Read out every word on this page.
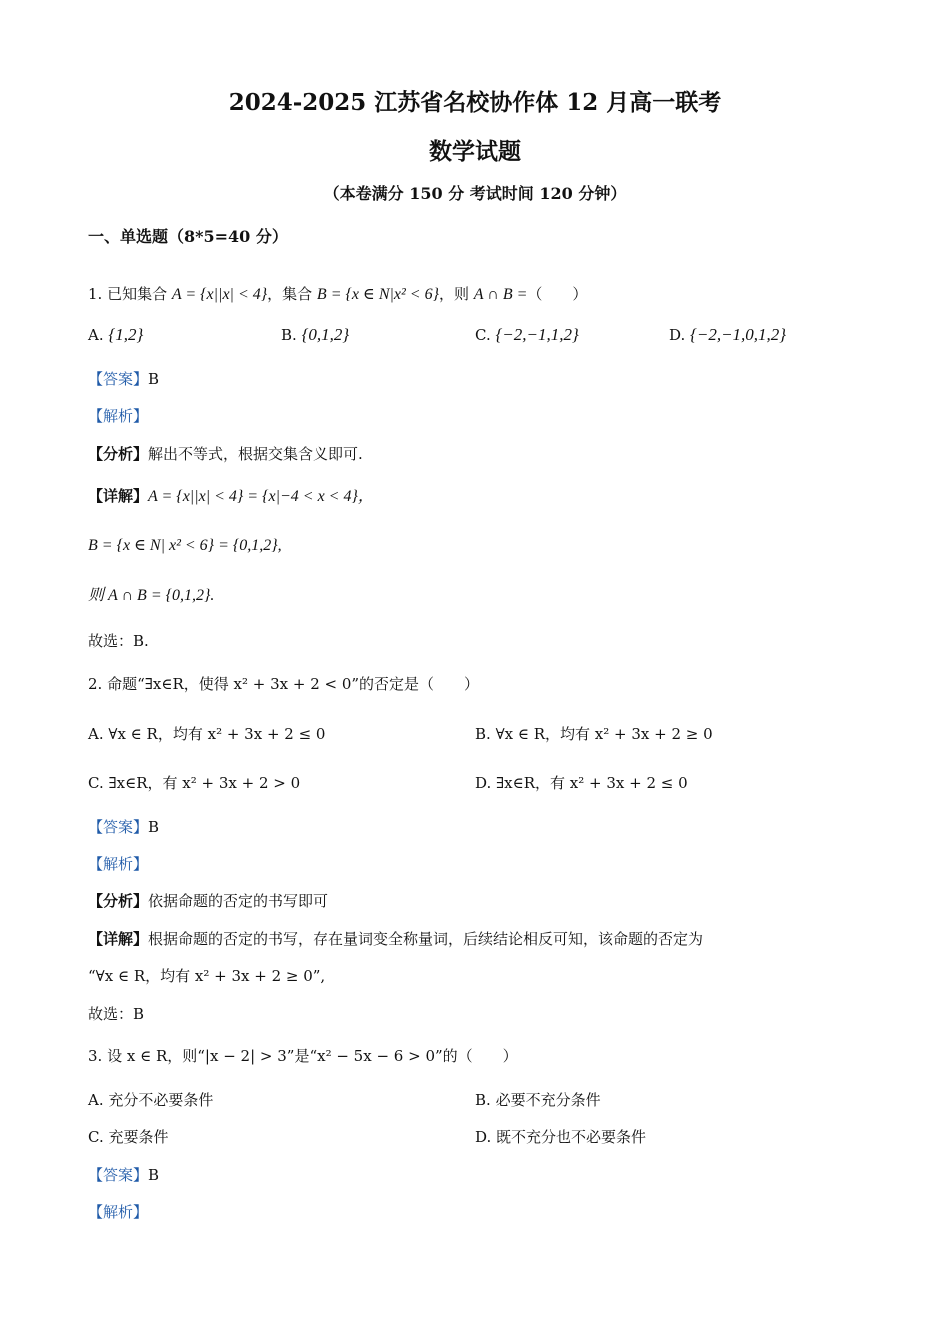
2024-2025 江苏省名校协作体 12 月高一联考
数学试题
（本卷满分 150 分 考试时间 120 分钟）
一、单选题（8*5=40 分）
1. 已知集合 A = {x||x| < 4}，集合 B = {x ∈ N|x² < 6}，则 A ∩ B =（　　）
A. {1,2}	B. {0,1,2}	C. {−2,−1,1,2}	D. {−2,−1,0,1,2}
【答案】B
【解析】
【分析】解出不等式，根据交集含义即可.
【详解】A = {x||x| < 4} = {x|−4 < x < 4}，
B = {x ∈ N| x² < 6} = {0,1,2},
则 A ∩ B = {0,1,2}.
故选：B.
2. 命题“∃x∈R，使得 x² + 3x + 2 < 0”的否定是（　　）
A. ∀x ∈ R，均有 x² + 3x + 2 ≤ 0	B. ∀x ∈ R，均有 x² + 3x + 2 ≥ 0
C. ∃x∈R，有 x² + 3x + 2 > 0	D. ∃x∈R，有 x² + 3x + 2 ≤ 0
【答案】B
【解析】
【分析】依据命题的否定的书写即可
【详解】根据命题的否定的书写，存在量词变全称量词，后续结论相反可知，该命题的否定为
“∀x ∈ R，均有 x² + 3x + 2 ≥ 0”,
故选：B
3. 设 x ∈ R，则“|x − 2| > 3”是“x² − 5x − 6 > 0”的（　　）
A. 充分不必要条件	B. 必要不充分条件
C. 充要条件	D. 既不充分也不必要条件
【答案】B
【解析】
